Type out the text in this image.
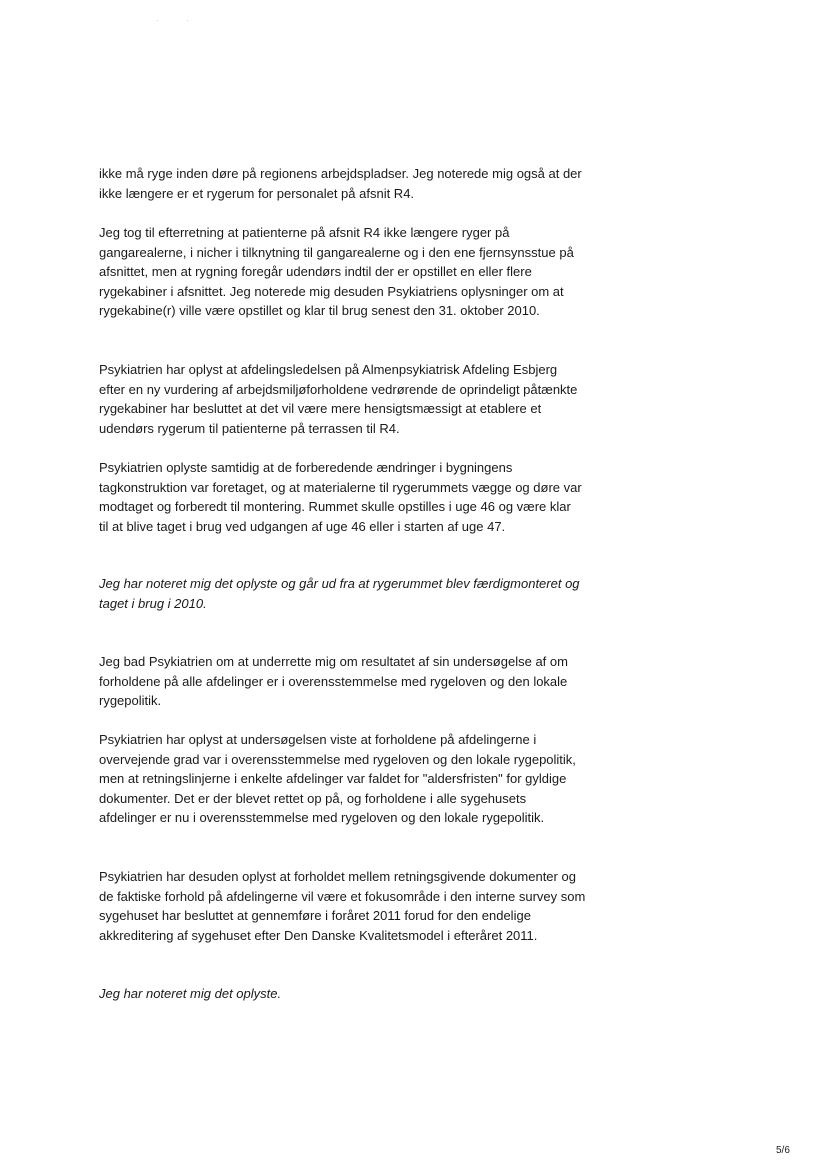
ikke må ryge inden døre på regionens arbejdspladser. Jeg noterede mig også at der ikke længere er et rygerum for personalet på afsnit R4.

Jeg tog til efterretning at patienterne på afsnit R4 ikke længere ryger på gangarealerne, i nicher i tilknytning til gangarealerne og i den ene fjernsynsstue på afsnittet, men at rygning foregår udendørs indtil der er opstillet en eller flere rygekabiner i afsnittet. Jeg noterede mig desuden Psykiatriens oplysninger om at rygekabine(r) ville være opstillet og klar til brug senest den 31. oktober 2010.

Psykiatrien har oplyst at afdelingsledelsen på Almenpsykiatrisk Afdeling Esbjerg efter en ny vurdering af arbejdsmiljøforholdene vedrørende de oprindeligt påtænkte rygekabiner har besluttet at det vil være mere hensigtsmæssigt at etablere et udendørs rygerum til patienterne på terrassen til R4.

Psykiatrien oplyste samtidig at de forberedende ændringer i bygningens tagkonstruktion var foretaget, og at materialerne til rygerummets vægge og døre var modtaget og forberedt til montering. Rummet skulle opstilles i uge 46 og være klar til at blive taget i brug ved udgangen af uge 46 eller i starten af uge 47.

Jeg har noteret mig det oplyste og går ud fra at rygerummet blev færdigmonteret og taget i brug i 2010.

Jeg bad Psykiatrien om at underrette mig om resultatet af sin undersøgelse af om forholdene på alle afdelinger er i overensstemmelse med rygeloven og den lokale rygepolitik.

Psykiatrien har oplyst at undersøgelsen viste at forholdene på afdelingerne i overvejende grad var i overensstemmelse med rygeloven og den lokale rygepolitik, men at retningslinjerne i enkelte afdelinger var faldet for "aldersfristen" for gyldige dokumenter. Det er der blevet rettet op på, og forholdene i alle sygehusets afdelinger er nu i overensstemmelse med rygeloven og den lokale rygepolitik.

Psykiatrien har desuden oplyst at forholdet mellem retningsgivende dokumenter og de faktiske forhold på afdelingerne vil være et fokusområde i den interne survey som sygehuset har besluttet at gennemføre i foråret 2011 forud for den endelige akkreditering af sygehuset efter Den Danske Kvalitetsmodel i efteråret 2011.

Jeg har noteret mig det oplyste.

5/6
